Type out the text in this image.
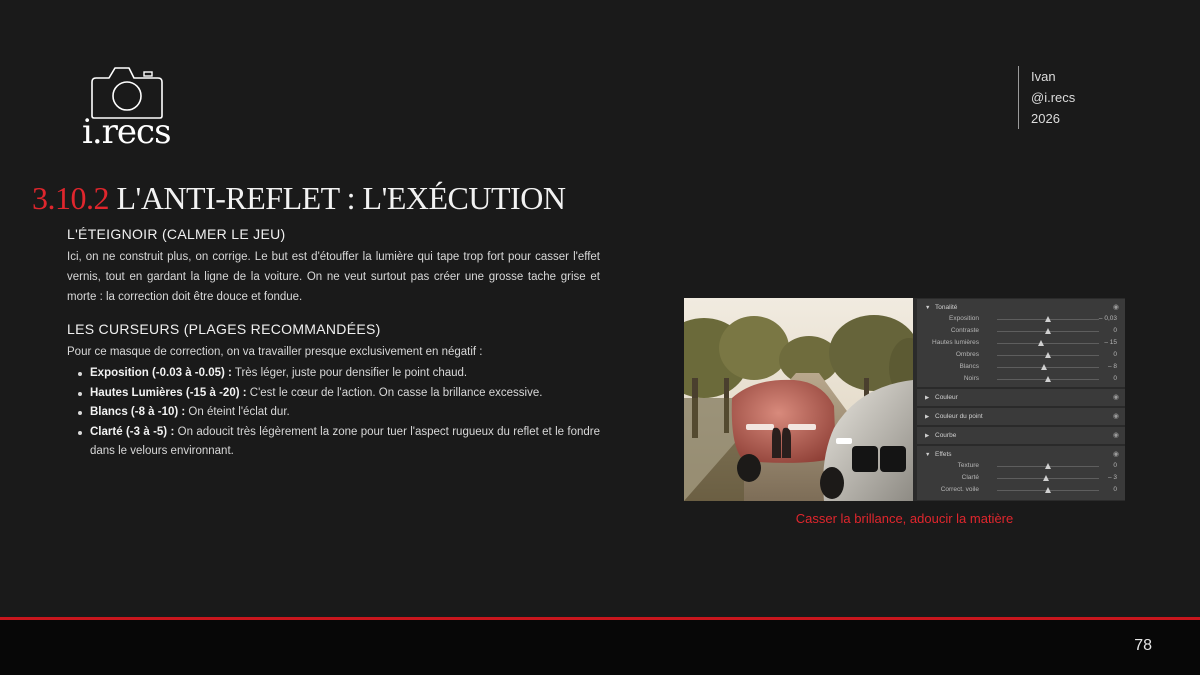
i.recs
Ivan
@i.recs
2026
3.10.2 L'ANTI-REFLET : L'EXÉCUTION
L'ÉTEIGNOIR (CALMER LE JEU)

Ici, on ne construit plus, on corrige. Le but est d'étouffer la lumière qui tape trop fort pour casser l'effet vernis, tout en gardant la ligne de la voiture. On ne veut surtout pas créer une grosse tache grise et morte : la correction doit être douce et fondue.

LES CURSEURS (PLAGES RECOMMANDÉES)

Pour ce masque de correction, on va travailler presque exclusivement en négatif :

Exposition (-0.03 à -0.05) : Très léger, juste pour densifier le point chaud.
Hautes Lumières (-15 à -20) : C'est le cœur de l'action. On casse la brillance excessive.
Blancs (-8 à -10) : On éteint l'éclat dur.
Clarté (-3 à -5) : On adoucit très légèrement la zone pour tuer l'aspect rugueux du reflet et le fondre dans le velours environnant.
▼ Tonalité	◉
Exposition	– 0,03
Contraste	0
Hautes lumières	– 15
Ombres	0
Blancs	– 8
Noirs	0
▶ Couleur	◉
▶ Couleur du point	◉
▶ Courbe	◉
▼ Effets	◉
Texture	0
Clarté	– 3
Correct. voile	0
Casser la brillance, adoucir la matière
78
